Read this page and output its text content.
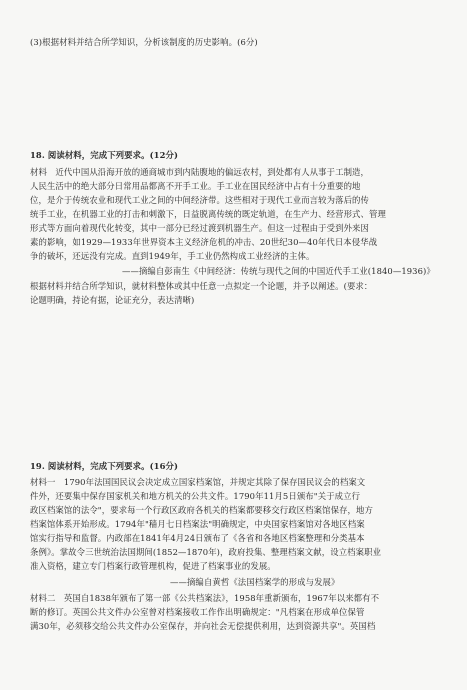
(3)根据材料并结合所学知识，分析该制度的历史影响。(6分)
18. 阅读材料，完成下列要求。(12分)
材料　近代中国从沿海开放的通商城市到内陆腹地的偏远农村，到处都有人从事于工制造，
人民生活中的绝大部分日常用品都离不开手工业。手工业在国民经济中占有十分重要的地
位，是介于传统农业和现代工业之间的中间经济带。这些相对于现代工业而言较为落后的传
统手工业，在机器工业的打击和刺激下，日益脱离传统的既定轨道，在生产力、经营形式、管理
形式等方面向着现代化转变，其中一部分已经过渡到机器生产。但这一过程由于受到外来因
素的影响，如1929—1933年世界资本主义经济危机的冲击、20世纪30—40年代日本侵华战
争的破坏，还远没有完成。直到1949年，手工业仍然构成工业经济的主体。
——摘编自彭南生《中间经济：传统与现代之间的中国近代手工业(1840—1936)》
根据材料并结合所学知识，就材料整体或其中任意一点拟定一个论题，并予以阐述。(要求：
论题明确，持论有据，论证充分，表达清晰)
19. 阅读材料，完成下列要求。(16分)
材料一　1790年法国国民议会决定成立国家档案馆，并规定其除了保存国民议会的档案文
件外，还要集中保存国家机关和地方机关的公共文件。1790年11月5日颁布"关于成立行
政区档案馆的法令"，要求每一个行政区政府各机关的档案都要移交行政区档案馆保存，地方
档案馆体系开始形成。1794年"穑月七日档案法"明确规定，中央国家档案馆对各地区档案
馆实行指导和监督。内政部在1841年4月24日颁布了《各省和各地区档案整理和分类基本
条例》。掌故令三世统治法国期间(1852—1870年)，政府投集、整理档案文献，设立档案职业
准入资格，建立专门档案行政管理机构，促进了档案事业的发展。
——摘编自黄哲《法国档案学的形成与发展》
材料二　英国自1838年颁布了第一部《公共档案法》，1958年重新颁布，1967年以来都有不
断的修订。英国公共文件办公室曾对档案接收工作作出明确规定："凡档案在形成单位保管
满30年，必须移交给公共文件办公室保存，并向社会无偿提供利用，达到资源共享"。英国档
